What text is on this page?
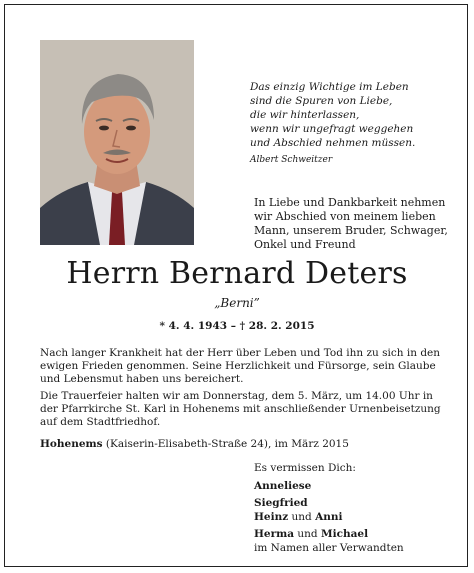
Das einzig Wichtige im Leben
sind die Spuren von Liebe,
die wir hinterlassen,
wenn wir ungefragt weggehen
und Abschied nehmen müssen.
Albert Schweitzer
In Liebe und Dankbarkeit nehmen
wir Abschied von meinem lieben
Mann, unserem Bruder, Schwager,
Onkel und Freund
Herrn Bernard Deters
„Berni”
* 4. 4. 1943 – † 28. 2. 2015
Nach langer Krankheit hat der Herr über Leben und Tod ihn zu sich in den ewigen Frieden genommen. Seine Herzlichkeit und Fürsorge, sein Glaube und Lebensmut haben uns bereichert.
Die Trauerfeier halten wir am Donnerstag, dem 5. März, um 14.00 Uhr in der Pfarrkirche St. Karl in Hohenems mit anschließender Urnenbeisetzung auf dem Stadtfriedhof.
Hohenems (Kaiserin-Elisabeth-Straße 24), im März 2015
Es vermissen Dich:
Anneliese
Siegfried
Heinz und Anni
Herma und Michael
im Namen aller Verwandten
